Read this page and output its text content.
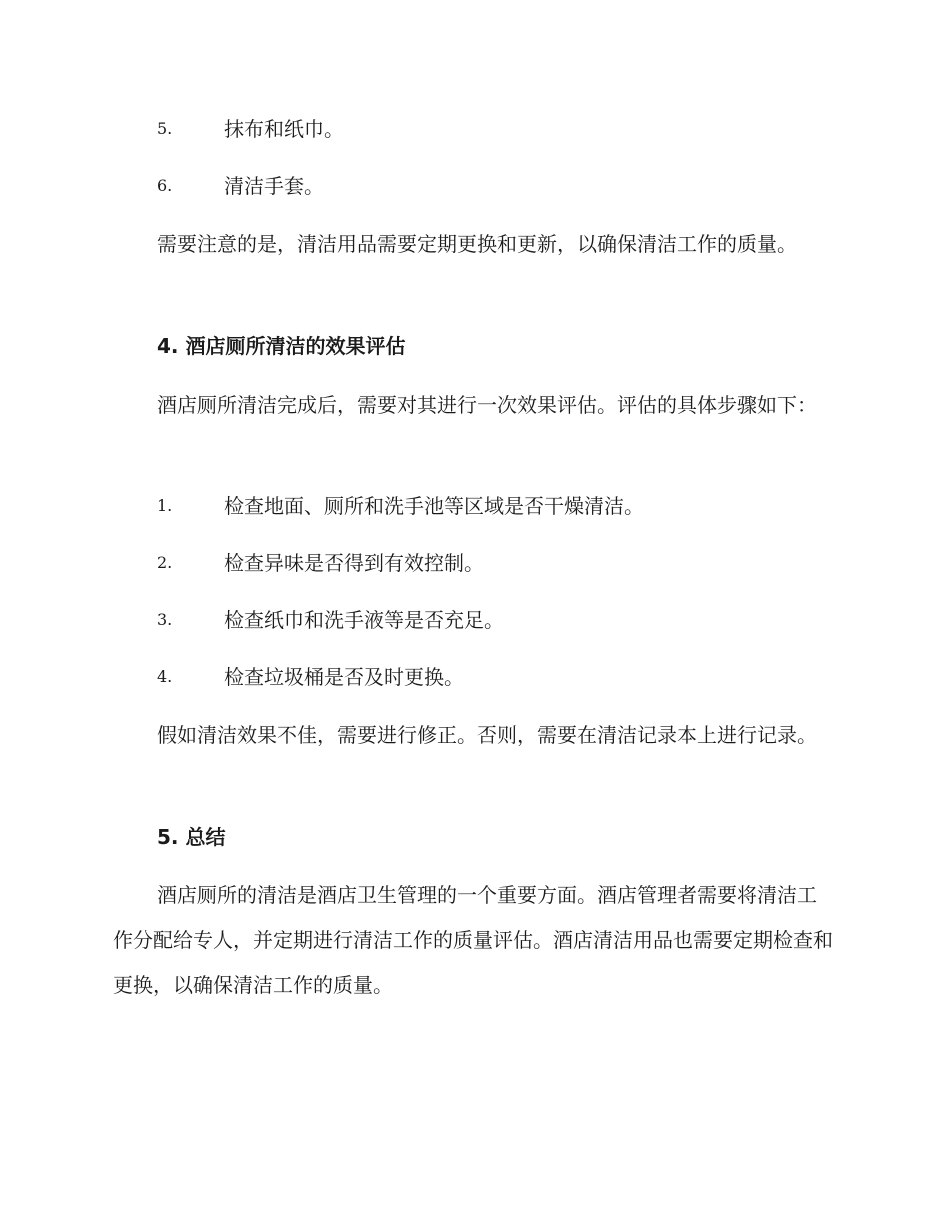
5.	抹布和纸巾。
6.	清洁手套。

需要注意的是，清洁用品需要定期更换和更新，以确保清洁工作的质量。

4. 酒店厕所清洁的效果评估

酒店厕所清洁完成后，需要对其进行一次效果评估。评估的具体步骤如下：

1.	检查地面、厕所和洗手池等区域是否干燥清洁。
2.	检查异味是否得到有效控制。
3.	检查纸巾和洗手液等是否充足。
4.	检查垃圾桶是否及时更换。

假如清洁效果不佳，需要进行修正。否则，需要在清洁记录本上进行记录。

5. 总结

酒店厕所的清洁是酒店卫生管理的一个重要方面。酒店管理者需要将清洁工作分配给专人，并定期进行清洁工作的质量评估。酒店清洁用品也需要定期检查和更换，以确保清洁工作的质量。
